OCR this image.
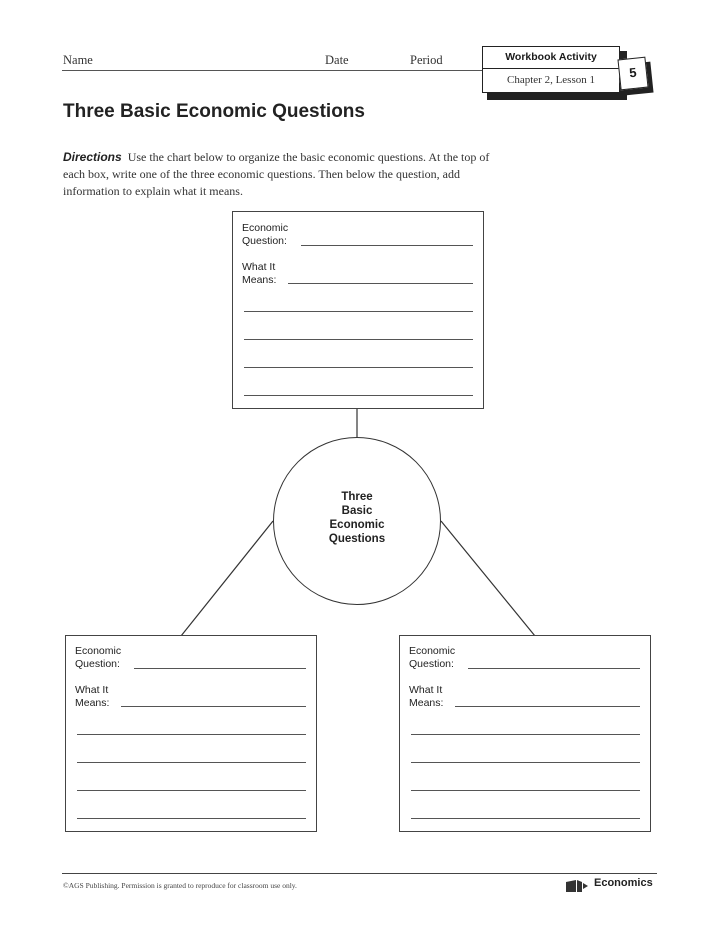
Name	Date	Period	Workbook Activity
Chapter 2, Lesson 1	5
Three Basic Economic Questions
Directions Use the chart below to organize the basic economic questions. At the top of each box, write one of the three economic questions. Then below the question, add information to explain what it means.
Economic
Question:
What It
Means:
Three
Basic
Economic
Questions
Economic
Question:
What It
Means:
Economic
Question:
What It
Means:
©AGS Publishing. Permission is granted to reproduce for classroom use only.	Economics
